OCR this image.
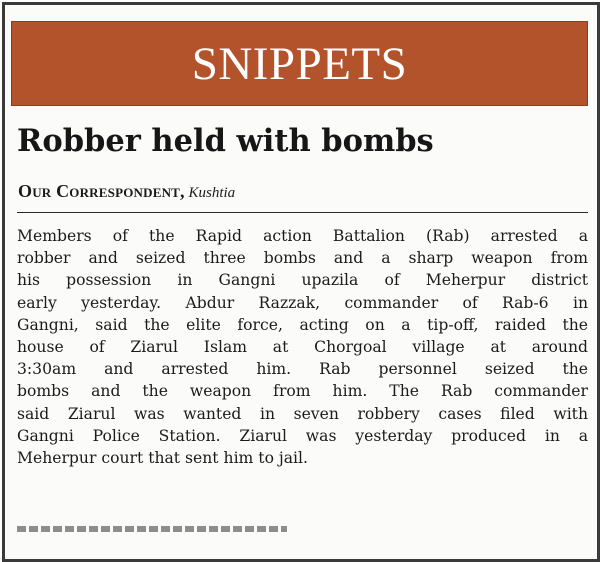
SNIPPETS
Robber held with bombs
Our Correspondent, Kushtia
Members of the Rapid action Battalion (Rab) arrested a
robber and seized three bombs and a sharp weapon from
his possession in Gangni upazila of Meherpur district
early yesterday. Abdur Razzak, commander of Rab-6 in
Gangni, said the elite force, acting on a tip-off, raided the
house of Ziarul Islam at Chorgoal village at around
3:30am and arrested him. Rab personnel seized the
bombs and the weapon from him. The Rab commander
said Ziarul was wanted in seven robbery cases filed with
Gangni Police Station. Ziarul was yesterday produced in a
Meherpur court that sent him to jail.
